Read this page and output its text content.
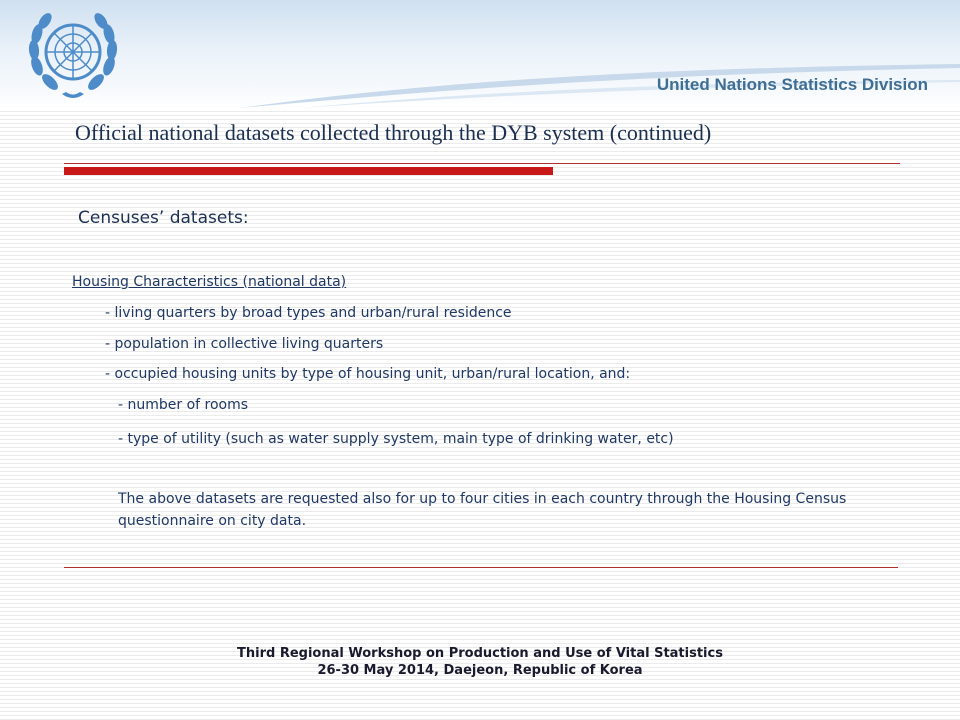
United Nations Statistics Division
Official national datasets collected through the DYB system (continued)
Censuses’ datasets:
Housing Characteristics (national data)
- living quarters by broad types and urban/rural residence
- population in collective living quarters
- occupied housing units by type of housing unit, urban/rural location, and:
- number of rooms
- type of utility (such as water supply system, main type of drinking water, etc)
The above datasets are requested also for up to four cities in each country through the Housing Census questionnaire on city data.
Third Regional Workshop on Production and Use of Vital Statistics
26-30 May 2014, Daejeon, Republic of Korea
